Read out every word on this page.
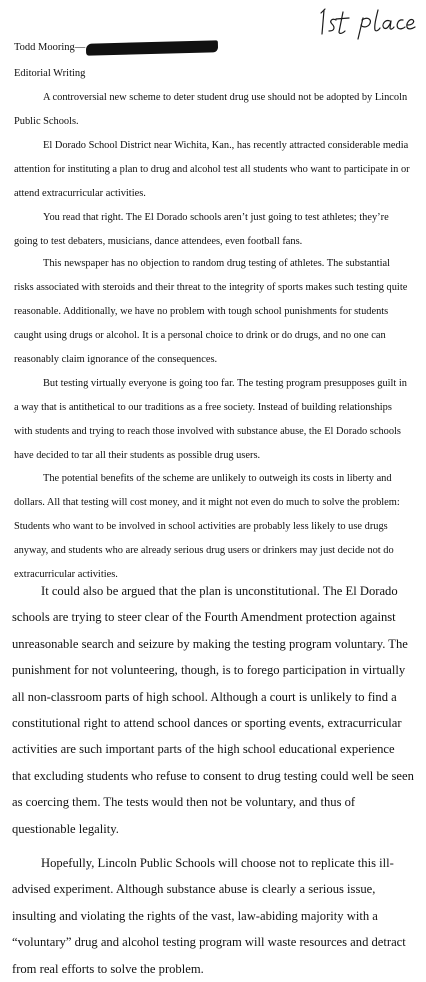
Todd Mooring—
Editorial Writing

A controversial new scheme to deter student drug use should not be adopted by Lincoln Public Schools.

El Dorado School District near Wichita, Kan., has recently attracted considerable media attention for instituting a plan to drug and alcohol test all students who want to participate in or attend extracurricular activities.

You read that right. The El Dorado schools aren’t just going to test athletes; they’re going to test debaters, musicians, dance attendees, even football fans.

This newspaper has no objection to random drug testing of athletes. The substantial risks associated with steroids and their threat to the integrity of sports makes such testing quite reasonable. Additionally, we have no problem with tough school punishments for students caught using drugs or alcohol. It is a personal choice to drink or do drugs, and no one can reasonably claim ignorance of the consequences.

But testing virtually everyone is going too far. The testing program presupposes guilt in a way that is antithetical to our traditions as a free society. Instead of building relationships with students and trying to reach those involved with substance abuse, the El Dorado schools have decided to tar all their students as possible drug users.

The potential benefits of the scheme are unlikely to outweigh its costs in liberty and dollars. All that testing will cost money, and it might not even do much to solve the problem: Students who want to be involved in school activities are probably less likely to use drugs anyway, and students who are already serious drug users or drinkers may just decide not do extracurricular activities.

It could also be argued that the plan is unconstitutional. The El Dorado schools are trying to steer clear of the Fourth Amendment protection against unreasonable search and seizure by making the testing program voluntary. The punishment for not volunteering, though, is to forego participation in virtually all non-classroom parts of high school. Although a court is unlikely to find a constitutional right to attend school dances or sporting events, extracurricular activities are such important parts of the high school educational experience that excluding students who refuse to consent to drug testing could well be seen as coercing them. The tests would then not be voluntary, and thus of questionable legality.

Hopefully, Lincoln Public Schools will choose not to replicate this ill-advised experiment. Although substance abuse is clearly a serious issue, insulting and violating the rights of the vast, law-abiding majority with a “voluntary” drug and alcohol testing program will waste resources and detract from real efforts to solve the problem.
